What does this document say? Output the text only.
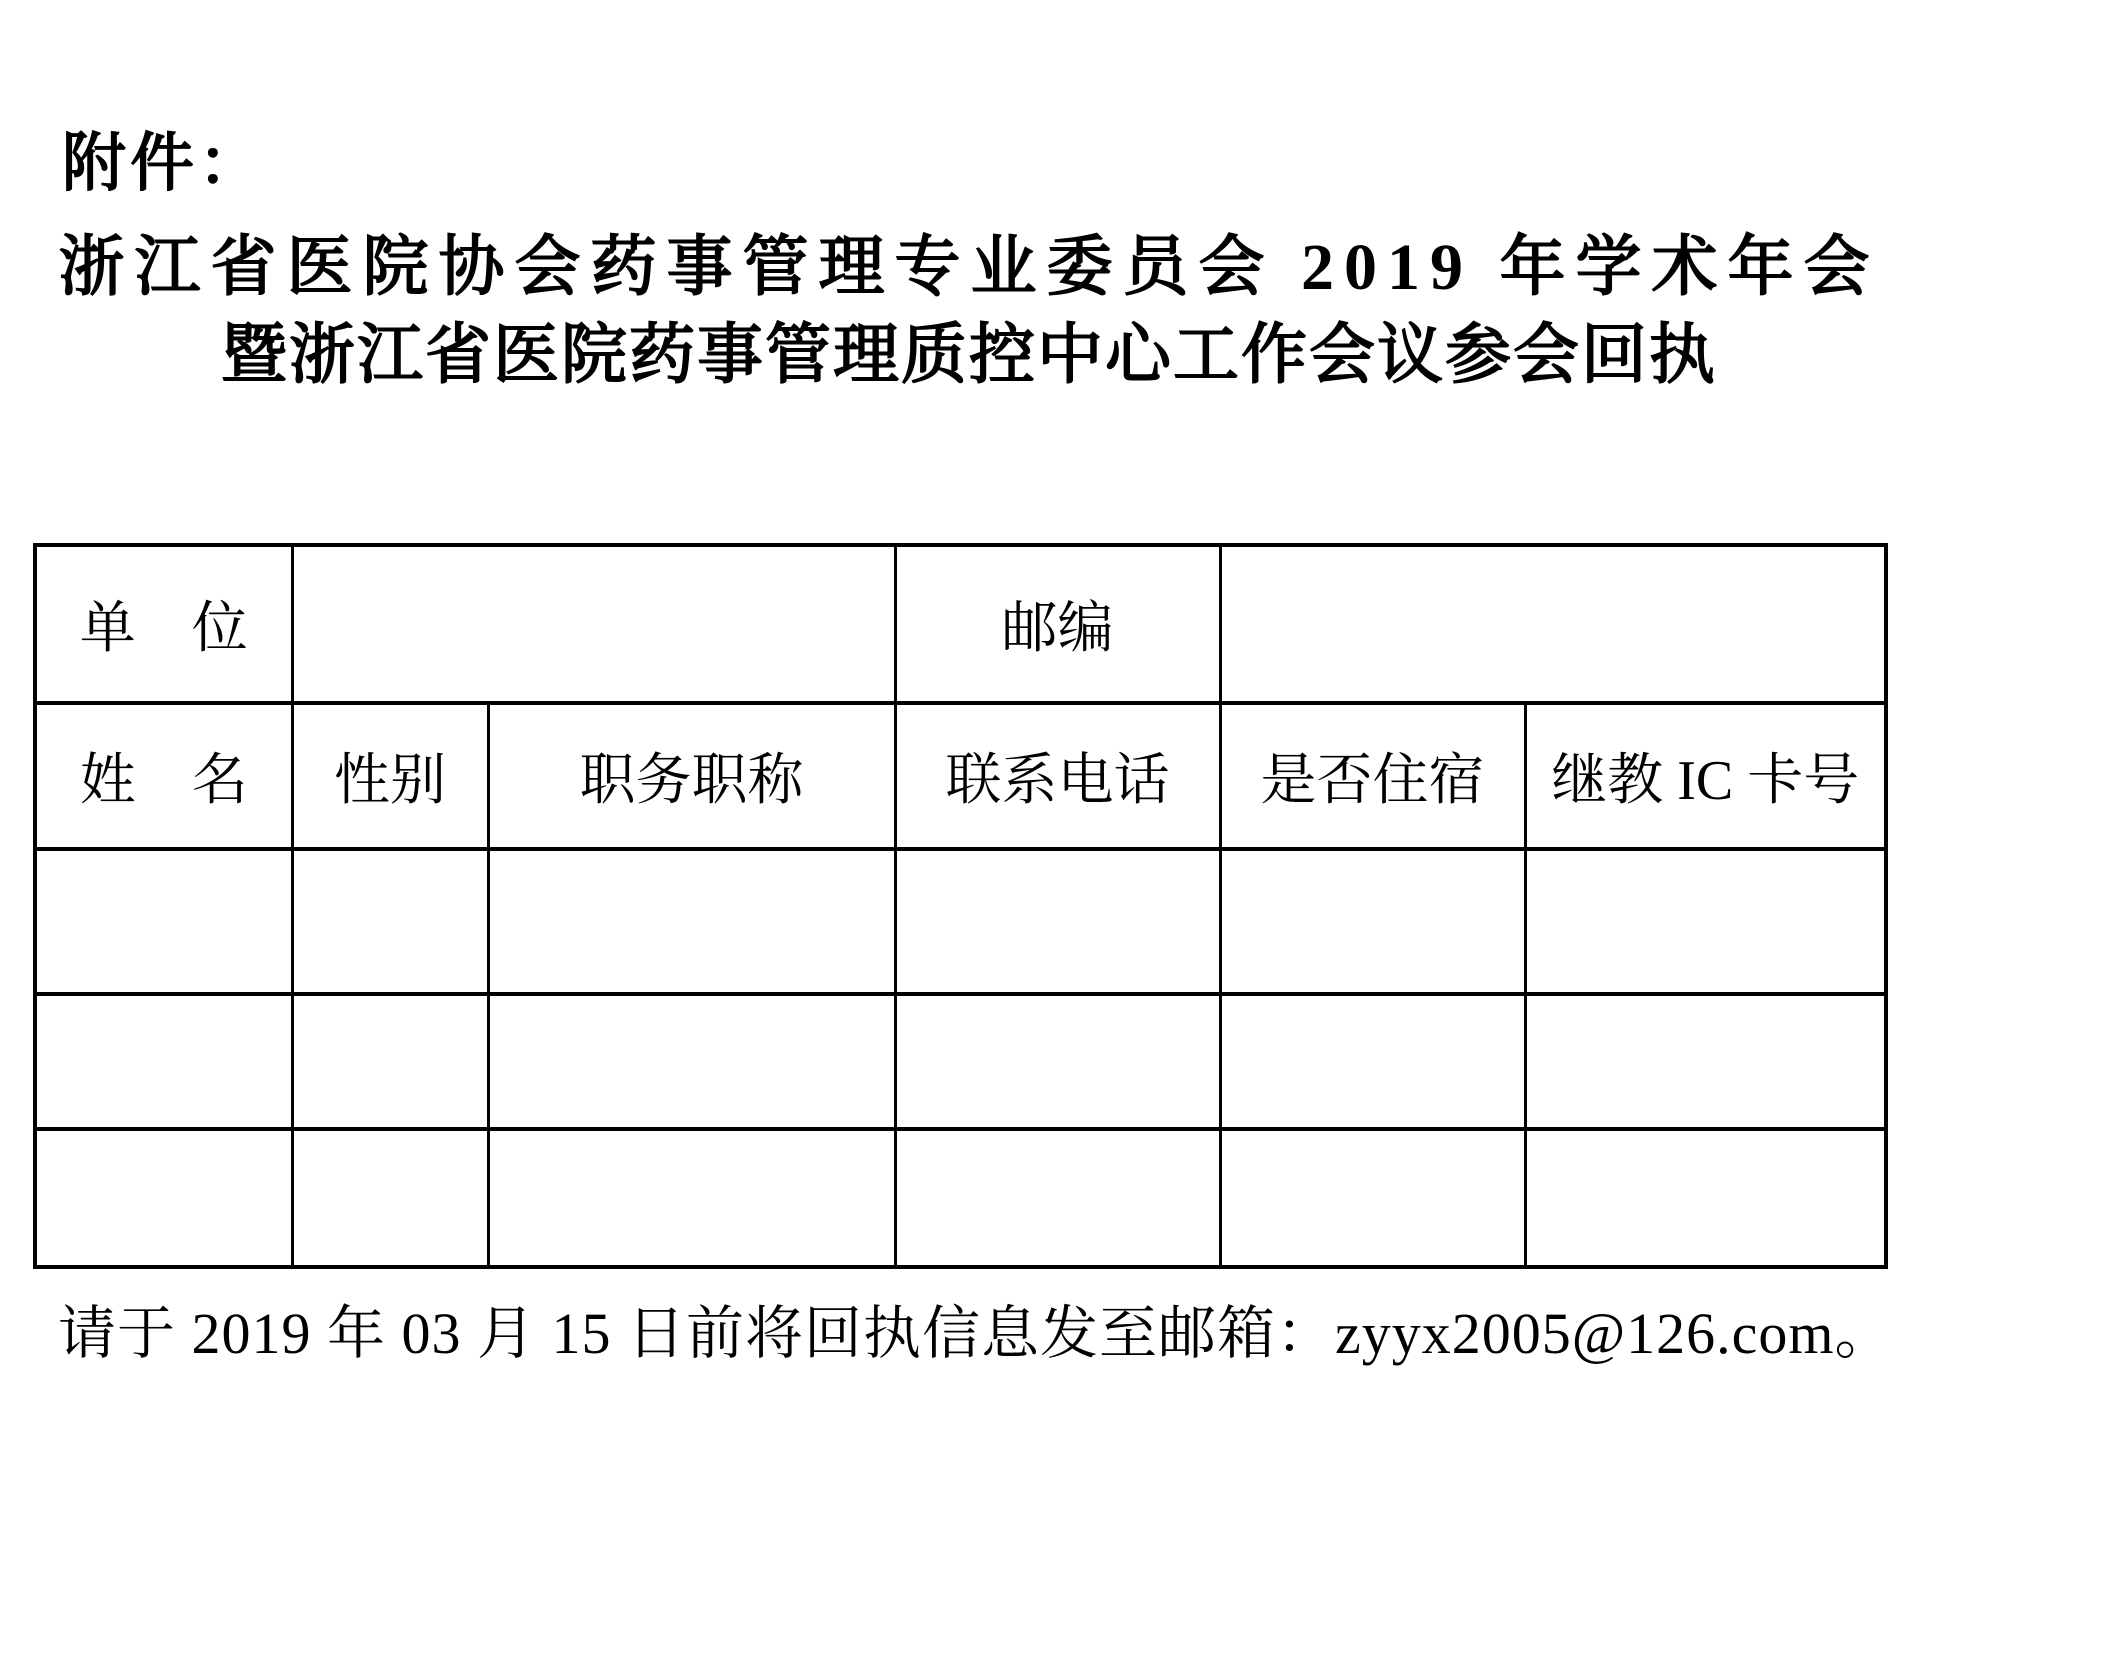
附件：
浙江省医院协会药事管理专业委员会 2019 年学术年会
暨浙江省医院药事管理质控中心工作会议参会回执
单　位			邮编		
姓　名	性别	职务职称	联系电话	是否住宿	继教 IC 卡号

请于 2019 年 03 月 15 日前将回执信息发至邮箱：zyyx2005@126.com。
